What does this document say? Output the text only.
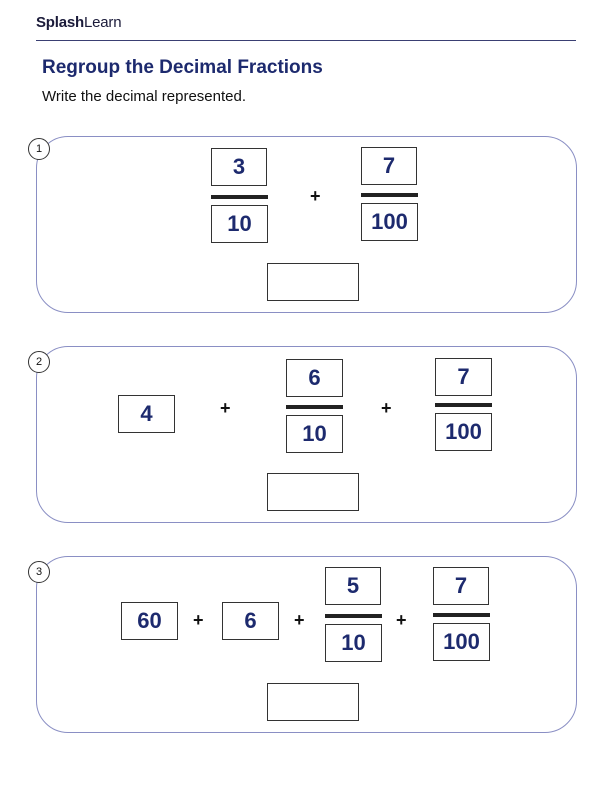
SplashLearn
Regroup the Decimal Fractions
Write the decimal represented.
1
3
10
+
7
100
2
4	+
6
10
+
7
100
3
60	+	6	+
5
10
+
7
100
